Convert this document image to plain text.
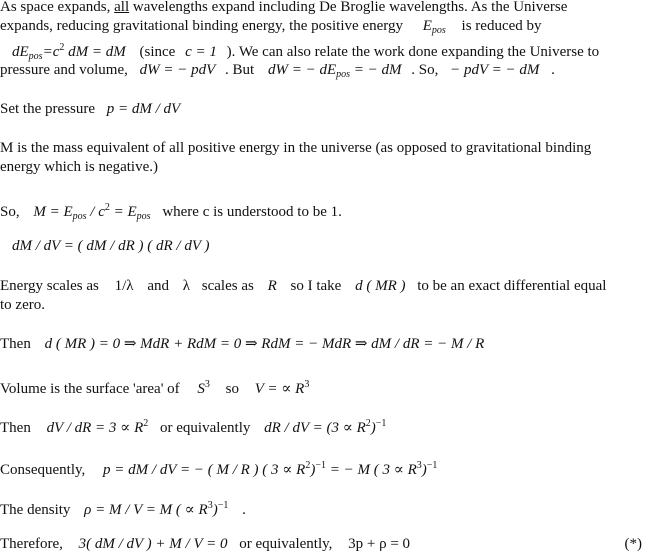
As space expands, all wavelengths expand including De Broglie wavelengths. As the Universe
expands, reducing gravitational binding energy, the positive energy $E_{pos}$ is reduced by
$dE_{pos}=c^2$ dM = dM (since c = 1 ). We can also relate the work done expanding the Universe to
pressure and volume, dW = − pdV . But dW = − $dE_{pos}$ = − dM . So, − pdV = − dM .
Set the pressure p = dM / dV
M is the mass equivalent of all positive energy in the universe (as opposed to gravitational binding
energy which is negative.)
So, $M = E_{pos} / c^2 = E_{pos}$ where c is understood to be 1.
dM / dV = ( dM / dR ) ( dR / dV )
Energy scales as 1/λ and λ scales as R so I take d ( MR ) to be an exact differential equal
to zero.
Then d ( MR ) = 0 ⇒ MdR + RdM = 0 ⇒ RdM = − MdR ⇒ dM / dR = − M / R
Volume is the surface 'area' of $S^3$ so V = ∝ $R^3$
Then dV / dR = $3 \propto R^2$ or equivalently dR / dV = $(3 \propto R^2)^{-1}$
Consequently, p = dM / dV = − ( M / R ) ( $3 \propto R^2)^{-1}$ = − M ( $3 \propto R^3)^{-1}$
The density ρ = M / V = M ( ∝ $R^3)^{-1}$ .
Therefore, 3( dM / dV ) + M / V = 0 or equivalently, 3p + ρ = 0	(*)
